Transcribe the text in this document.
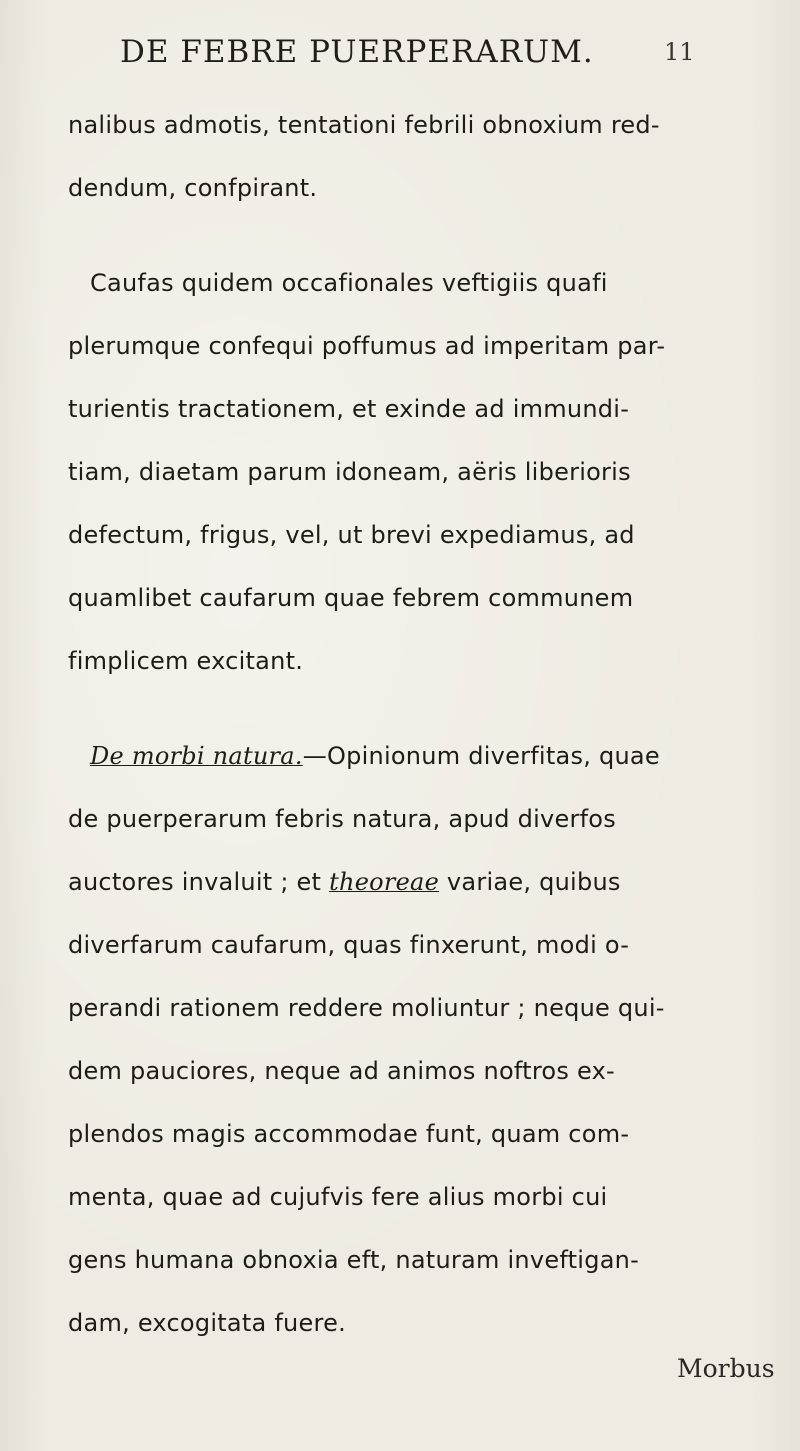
DE FEBRE PUERPERARUM.	11
nalibus admotis, tentationi febrili obnoxium red-
dendum, confpirant.
Caufas quidem occafionales veftigiis quafi
plerumque confequi poffumus ad imperitam par-
turientis tractationem, et exinde ad immundi-
tiam, diaetam parum idoneam, aëris liberioris
defectum, frigus, vel, ut brevi expediamus, ad
quamlibet caufarum quae febrem communem
fimplicem excitant.
De morbi natura.—Opinionum diverfitas, quae
de puerperarum febris natura, apud diverfos
auctores invaluit ; et theoreae variae, quibus
diverfarum caufarum, quas finxerunt, modi o-
perandi rationem reddere moliuntur ; neque qui-
dem pauciores, neque ad animos noftros ex-
plendos magis accommodae funt, quam com-
menta, quae ad cujufvis fere alius morbi cui
gens humana obnoxia eft, naturam inveftigan-
dam, excogitata fuere.
Morbus
